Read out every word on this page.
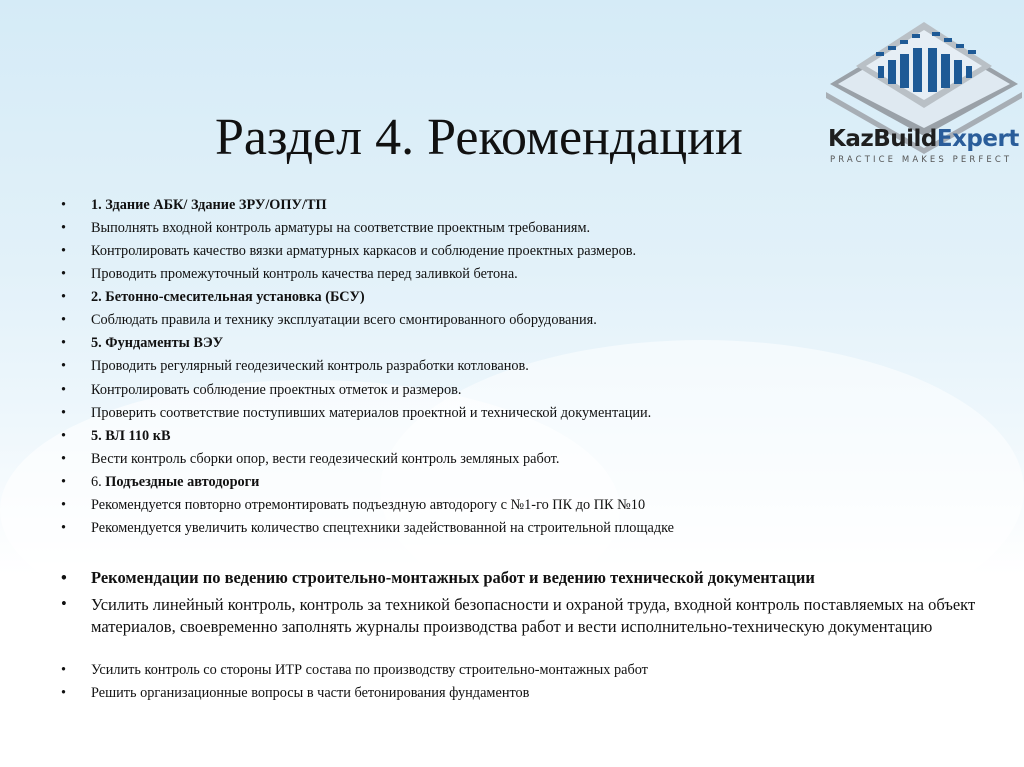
Раздел 4. Рекомендации	KazBuildExpert
PRACTICE MAKES PERFECT
• 1. Здание АБК/ Здание ЗРУ/ОПУ/ТП
• Выполнять входной контроль арматуры на соответствие проектным требованиям.
• Контролировать качество вязки арматурных каркасов и соблюдение проектных размеров.
• Проводить промежуточный контроль качества перед заливкой бетона.
• 2. Бетонно-смесительная установка (БСУ)
• Соблюдать правила и технику эксплуатации всего смонтированного оборудования.
• 5. Фундаменты ВЭУ
• Проводить регулярный геодезический контроль разработки котлованов.
• Контролировать соблюдение проектных отметок и размеров.
• Проверить соответствие поступивших материалов проектной и технической документации.
• 5. ВЛ 110 кВ
• Вести контроль сборки опор, вести геодезический контроль земляных работ.
• 6. Подъездные автодороги
• Рекомендуется повторно отремонтировать подъездную автодорогу с №1-го ПК до ПК №10
• Рекомендуется увеличить количество спецтехники задействованной на строительной площадке
• Рекомендации по ведению строительно-монтажных работ и ведению технической документации
• Усилить линейный контроль, контроль за техникой безопасности и охраной труда, входной контроль поставляемых на объект материалов, своевременно заполнять журналы производства работ и вести исполнительно-техническую документацию
• Усилить контроль со стороны ИТР состава по производству строительно-монтажных работ
• Решить организационные вопросы в части бетонирования фундаментов
